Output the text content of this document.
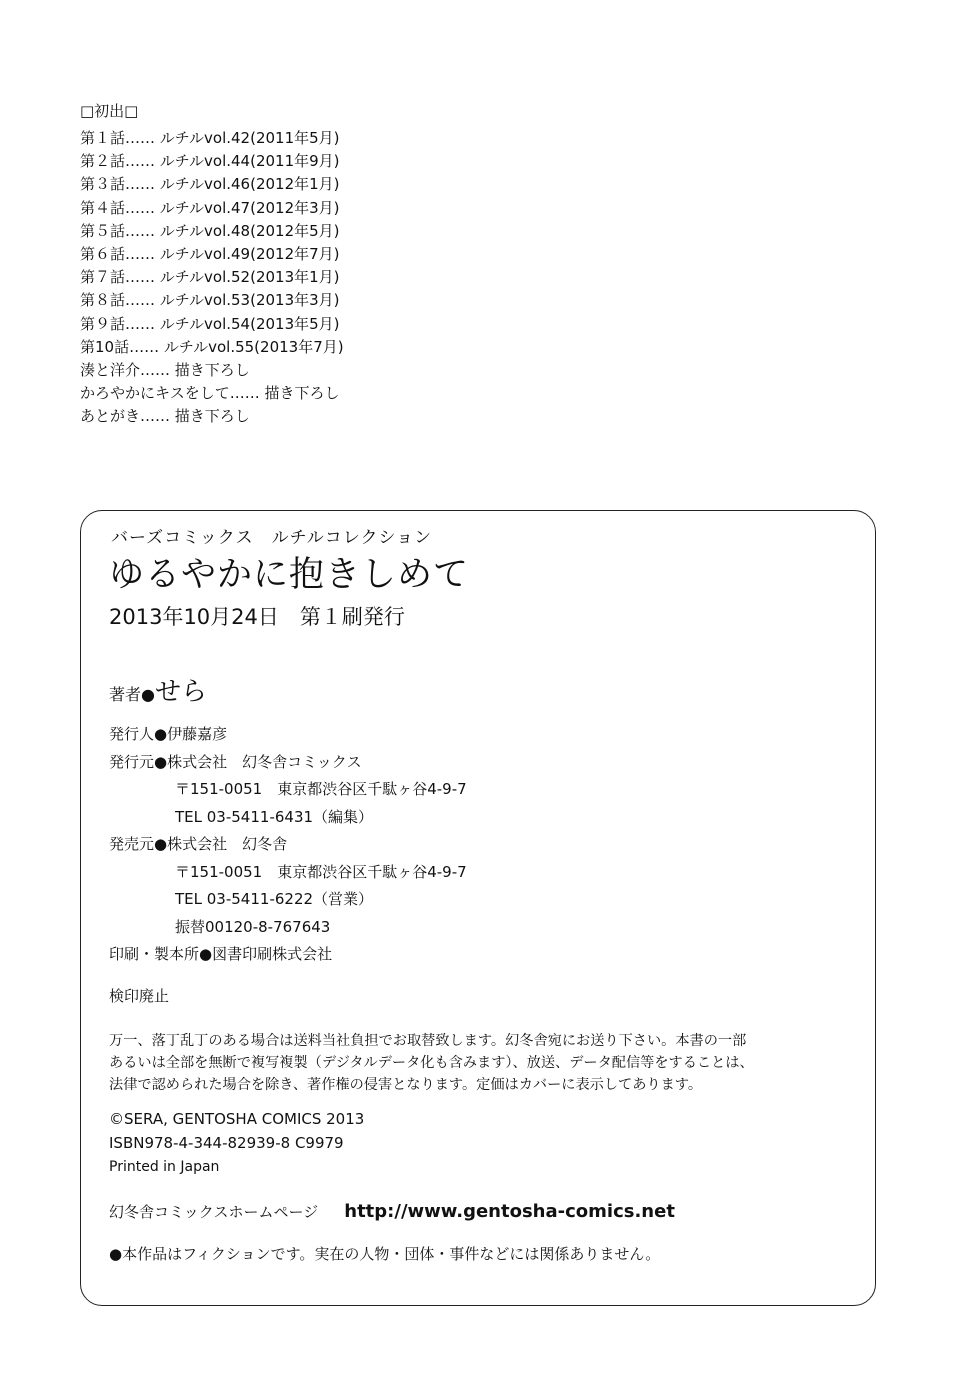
□初出□
第１話…… ルチルvol.42(2011年5月)
第２話…… ルチルvol.44(2011年9月)
第３話…… ルチルvol.46(2012年1月)
第４話…… ルチルvol.47(2012年3月)
第５話…… ルチルvol.48(2012年5月)
第６話…… ルチルvol.49(2012年7月)
第７話…… ルチルvol.52(2013年1月)
第８話…… ルチルvol.53(2013年3月)
第９話…… ルチルvol.54(2013年5月)
第10話…… ルチルvol.55(2013年7月)
湊と洋介…… 描き下ろし
かろやかにキスをして…… 描き下ろし
あとがき…… 描き下ろし
バーズコミックス　ルチルコレクション
ゆるやかに抱きしめて
2013年10月24日　第１刷発行
著者●せら
発行人●伊藤嘉彦
発行元●株式会社　幻冬舎コミックス
〒151-0051　東京都渋谷区千駄ヶ谷4-9-7
TEL 03-5411-6431（編集）
発売元●株式会社　幻冬舎
〒151-0051　東京都渋谷区千駄ヶ谷4-9-7
TEL 03-5411-6222（営業）
振替00120-8-767643
印刷・製本所●図書印刷株式会社
検印廃止
万一、落丁乱丁のある場合は送料当社負担でお取替致します。幻冬舎宛にお送り下さい。本書の一部
あるいは全部を無断で複写複製（デジタルデータ化も含みます）、放送、データ配信等をすることは、
法律で認められた場合を除き、著作権の侵害となります。定価はカバーに表示してあります。
©SERA, GENTOSHA COMICS 2013
ISBN978-4-344-82939-8 C9979
Printed in Japan
幻冬舎コミックスホームページ http://www.gentosha-comics.net
●本作品はフィクションです。実在の人物・団体・事件などには関係ありません。
